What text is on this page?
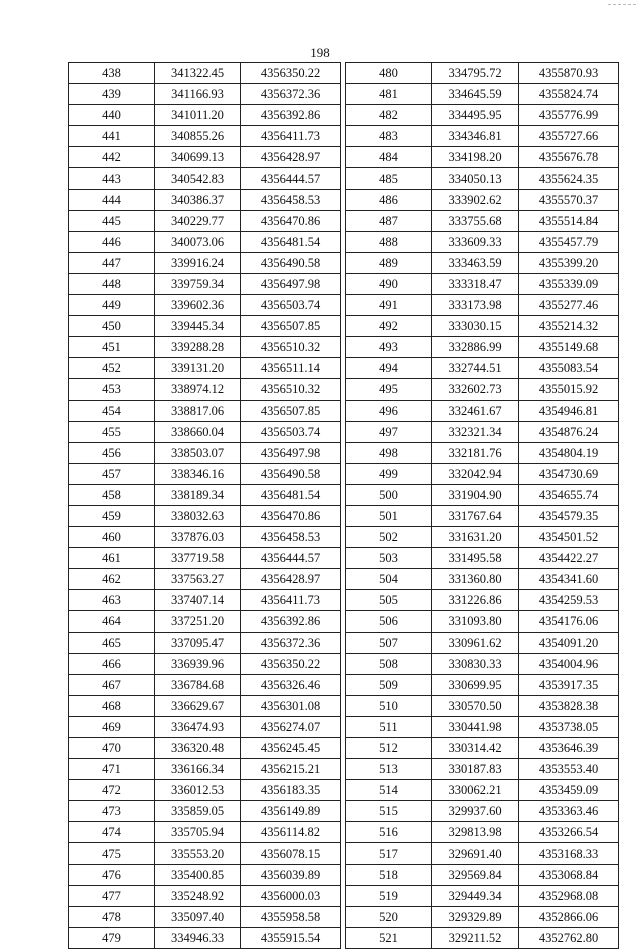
198
438	341322.45	4356350.22
439	341166.93	4356372.36
440	341011.20	4356392.86
441	340855.26	4356411.73
442	340699.13	4356428.97
443	340542.83	4356444.57
444	340386.37	4356458.53
445	340229.77	4356470.86
446	340073.06	4356481.54
447	339916.24	4356490.58
448	339759.34	4356497.98
449	339602.36	4356503.74
450	339445.34	4356507.85
451	339288.28	4356510.32
452	339131.20	4356511.14
453	338974.12	4356510.32
454	338817.06	4356507.85
455	338660.04	4356503.74
456	338503.07	4356497.98
457	338346.16	4356490.58
458	338189.34	4356481.54
459	338032.63	4356470.86
460	337876.03	4356458.53
461	337719.58	4356444.57
462	337563.27	4356428.97
463	337407.14	4356411.73
464	337251.20	4356392.86
465	337095.47	4356372.36
466	336939.96	4356350.22
467	336784.68	4356326.46
468	336629.67	4356301.08
469	336474.93	4356274.07
470	336320.48	4356245.45
471	336166.34	4356215.21
472	336012.53	4356183.35
473	335859.05	4356149.89
474	335705.94	4356114.82
475	335553.20	4356078.15
476	335400.85	4356039.89
477	335248.92	4356000.03
478	335097.40	4355958.58
479	334946.33	4355915.54
480	334795.72	4355870.93
481	334645.59	4355824.74
482	334495.95	4355776.99
483	334346.81	4355727.66
484	334198.20	4355676.78
485	334050.13	4355624.35
486	333902.62	4355570.37
487	333755.68	4355514.84
488	333609.33	4355457.79
489	333463.59	4355399.20
490	333318.47	4355339.09
491	333173.98	4355277.46
492	333030.15	4355214.32
493	332886.99	4355149.68
494	332744.51	4355083.54
495	332602.73	4355015.92
496	332461.67	4354946.81
497	332321.34	4354876.24
498	332181.76	4354804.19
499	332042.94	4354730.69
500	331904.90	4354655.74
501	331767.64	4354579.35
502	331631.20	4354501.52
503	331495.58	4354422.27
504	331360.80	4354341.60
505	331226.86	4354259.53
506	331093.80	4354176.06
507	330961.62	4354091.20
508	330830.33	4354004.96
509	330699.95	4353917.35
510	330570.50	4353828.38
511	330441.98	4353738.05
512	330314.42	4353646.39
513	330187.83	4353553.40
514	330062.21	4353459.09
515	329937.60	4353363.46
516	329813.98	4353266.54
517	329691.40	4353168.33
518	329569.84	4353068.84
519	329449.34	4352968.08
520	329329.89	4352866.06
521	329211.52	4352762.80
